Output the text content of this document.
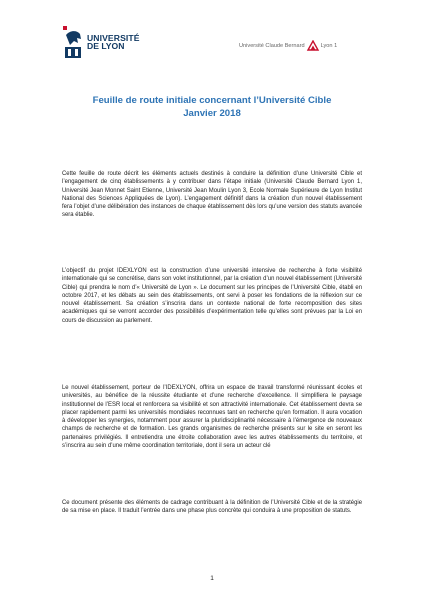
UNIVERSITÉ
DE LYON	Université Claude Bernard	Lyon 1
Feuille de route initiale concernant l’Université Cible
Janvier 2018

Cette feuille de route décrit les éléments actuels destinés à conduire la définition d’une Université Cible et l’engagement de cinq établissements à y contribuer dans l’étape initiale (Université Claude Bernard Lyon 1, Université Jean Monnet Saint Etienne, Université Jean Moulin Lyon 3, Ecole Normale Supérieure de Lyon Institut National des Sciences Appliquées de Lyon). L’engagement définitif dans la création d’un nouvel établissement fera l’objet d’une délibération des instances de chaque établissement dès lors qu’une version des statuts avancée sera établie.

L’objectif du projet IDEXLYON est la construction d’une université intensive de recherche à forte visibilité internationale qui se concrétise, dans son volet institutionnel, par la création d’un nouvel établissement (Université Cible) qui prendra le nom d’« Université de Lyon ». Le document sur les principes de l’Université Cible, établi en octobre 2017, et les débats au sein des établissements, ont servi à poser les fondations de la réflexion sur ce nouvel établissement. Sa création s’inscrira dans un contexte national de forte recomposition des sites académiques qui se verront accorder des possibilités d’expérimentation telle qu’elles sont prévues par la Loi en cours de discussion au parlement.

Le nouvel établissement, porteur de l’IDEXLYON, offrira un espace de travail transformé réunissant écoles et universités, au bénéfice de la réussite étudiante et d’une recherche d’excellence. Il simplifiera le paysage institutionnel de l’ESR local et renforcera sa visibilité et son attractivité internationale. Cet établissement devra se placer rapidement parmi les universités mondiales reconnues tant en recherche qu’en formation. Il aura vocation à développer les synergies, notamment pour assurer la pluridisciplinarité nécessaire à l’émergence de nouveaux champs de recherche et de formation. Les grands organismes de recherche présents sur le site en seront les partenaires privilégiés. Il entretiendra une étroite collaboration avec les autres établissements du territoire, et s’inscrira au sein d’une même coordination territoriale, dont il sera un acteur clé

Ce document présente des éléments de cadrage contribuant à la définition de l’Université Cible et de la stratégie de sa mise en place. Il traduit l’entrée dans une phase plus concrète qui conduira à une proposition de statuts.

1
